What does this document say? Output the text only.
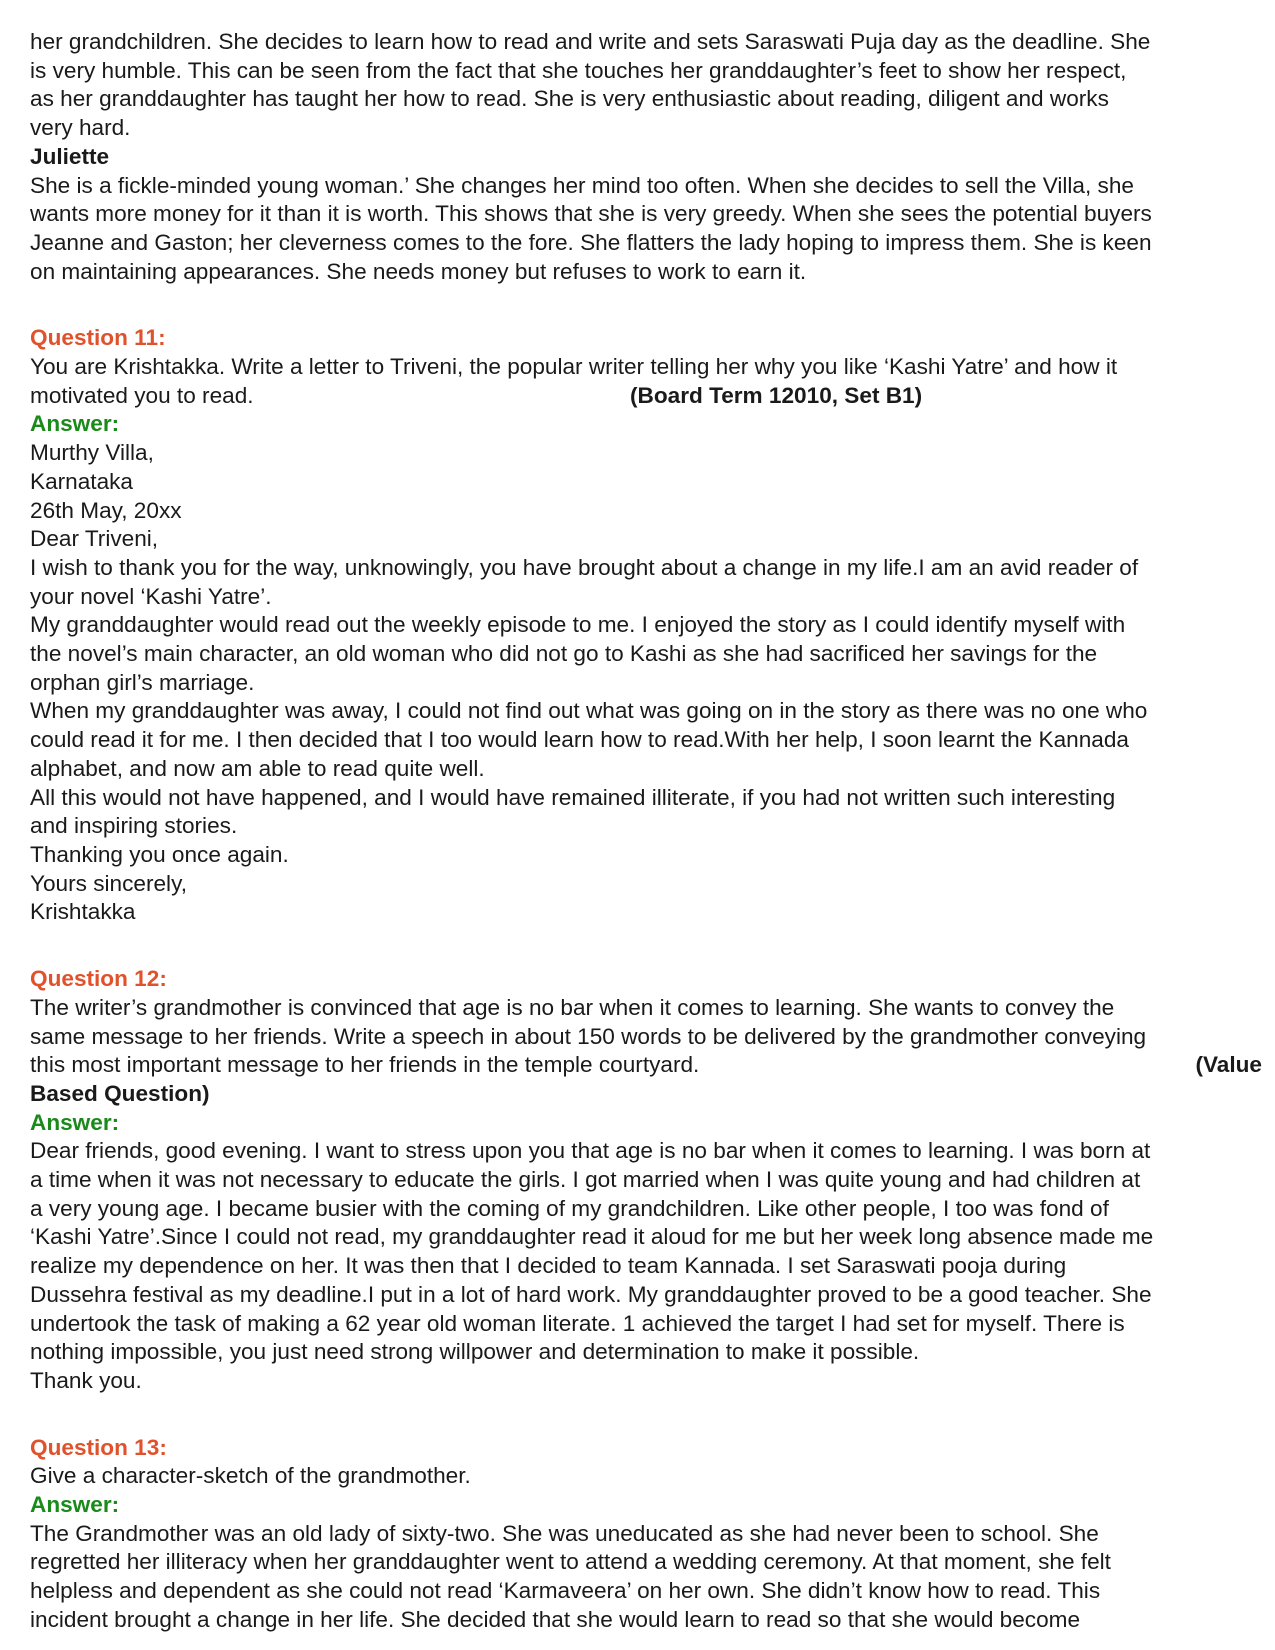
her grandchildren. She decides to learn how to read and write and sets Saraswati Puja day as the deadline. She
is very humble. This can be seen from the fact that she touches her granddaughter’s feet to show her respect,
as her granddaughter has taught her how to read. She is very enthusiastic about reading, diligent and works
very hard.
Juliette
She is a fickle-minded young woman.’ She changes her mind too often. When she decides to sell the Villa, she
wants more money for it than it is worth. This shows that she is very greedy. When she sees the potential buyers
Jeanne and Gaston; her cleverness comes to the fore. She flatters the lady hoping to impress them. She is keen
on maintaining appearances. She needs money but refuses to work to earn it.
Question 11:
You are Krishtakka. Write a letter to Triveni, the popular writer telling her why you like ‘Kashi Yatre’ and how it
motivated you to read.	(Board Term 12010, Set B1)
Answer:
Murthy Villa,
Karnataka
26th May, 20xx
Dear Triveni,
I wish to thank you for the way, unknowingly, you have brought about a change in my life.I am an avid reader of
your novel ‘Kashi Yatre’.
My granddaughter would read out the weekly episode to me. I enjoyed the story as I could identify myself with
the novel’s main character, an old woman who did not go to Kashi as she had sacrificed her savings for the
orphan girl’s marriage.
When my granddaughter was away, I could not find out what was going on in the story as there was no one who
could read it for me. I then decided that I too would learn how to read.With her help, I soon learnt the Kannada
alphabet, and now am able to read quite well.
All this would not have happened, and I would have remained illiterate, if you had not written such interesting
and inspiring stories.
Thanking you once again.
Yours sincerely,
Krishtakka
Question 12:
The writer’s grandmother is convinced that age is no bar when it comes to learning. She wants to convey the
same message to her friends. Write a speech in about 150 words to be delivered by the grandmother conveying
this most important message to her friends in the temple courtyard.	(Value
Based Question)
Answer:
Dear friends, good evening. I want to stress upon you that age is no bar when it comes to learning. I was born at
a time when it was not necessary to educate the girls. I got married when I was quite young and had children at
a very young age. I became busier with the coming of my grandchildren. Like other people, I too was fond of
‘Kashi Yatre’.Since I could not read, my granddaughter read it aloud for me but her week long absence made me
realize my dependence on her. It was then that I decided to team Kannada. I set Saraswati pooja during
Dussehra festival as my deadline.I put in a lot of hard work. My granddaughter proved to be a good teacher. She
undertook the task of making a 62 year old woman literate. 1 achieved the target I had set for myself. There is
nothing impossible, you just need strong willpower and determination to make it possible.
Thank you.
Question 13:
Give a character-sketch of the grandmother.
Answer:
The Grandmother was an old lady of sixty-two. She was uneducated as she had never been to school. She
regretted her illiteracy when her granddaughter went to attend a wedding ceremony. At that moment, she felt
helpless and dependent as she could not read ‘Karmaveera’ on her own. She didn’t know how to read. This
incident brought a change in her life. She decided that she would learn to read so that she would become
